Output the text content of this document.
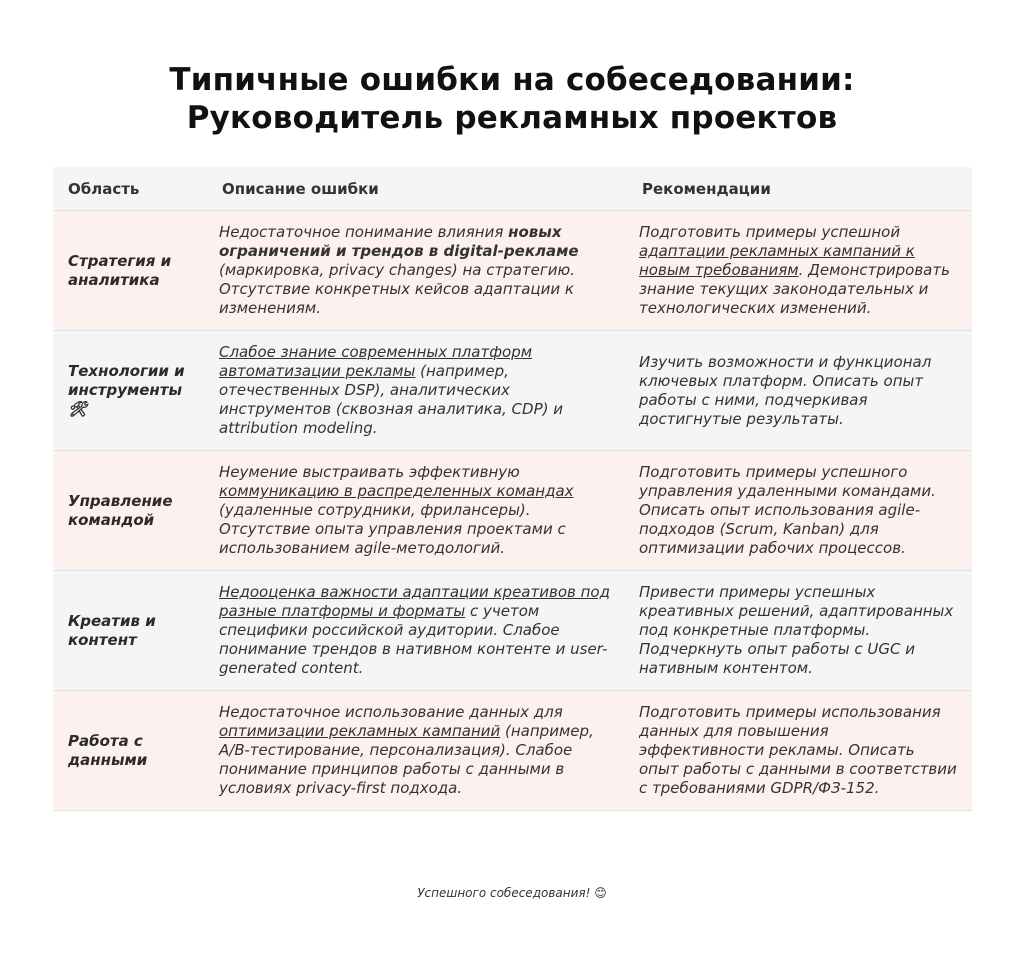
Типичные ошибки на собеседовании:
Руководитель рекламных проектов
Область	Описание ошибки	Рекомендации
Стратегия и аналитика	Недостаточное понимание влияния новых ограничений и трендов в digital-рекламе (маркировка, privacy changes) на стратегию. Отсутствие конкретных кейсов адаптации к изменениям.	Подготовить примеры успешной адаптации рекламных кампаний к новым требованиям. Демонстрировать знание текущих законодательных и технологических изменений.
Технологии и инструменты 🛠	Слабое знание современных платформ автоматизации рекламы (например, отечественных DSP), аналитических инструментов (сквозная аналитика, CDP) и attribution modeling.	Изучить возможности и функционал ключевых платформ. Описать опыт работы с ними, подчеркивая достигнутые результаты.
Управление командой	Неумение выстраивать эффективную коммуникацию в распределенных командах (удаленные сотрудники, фрилансеры). Отсутствие опыта управления проектами с использованием agile-методологий.	Подготовить примеры успешного управления удаленными командами. Описать опыт использования agile-подходов (Scrum, Kanban) для оптимизации рабочих процессов.
Креатив и контент	Недооценка важности адаптации креативов под разные платформы и форматы с учетом специфики российской аудитории. Слабое понимание трендов в нативном контенте и user-generated content.	Привести примеры успешных креативных решений, адаптированных под конкретные платформы. Подчеркнуть опыт работы с UGC и нативным контентом.
Работа с данными	Недостаточное использование данных для оптимизации рекламных кампаний (например, A/B-тестирование, персонализация). Слабое понимание принципов работы с данными в условиях privacy-first подхода.	Подготовить примеры использования данных для повышения эффективности рекламы. Описать опыт работы с данными в соответствии с требованиями GDPR/ФЗ-152.
Успешного собеседования! 😊
